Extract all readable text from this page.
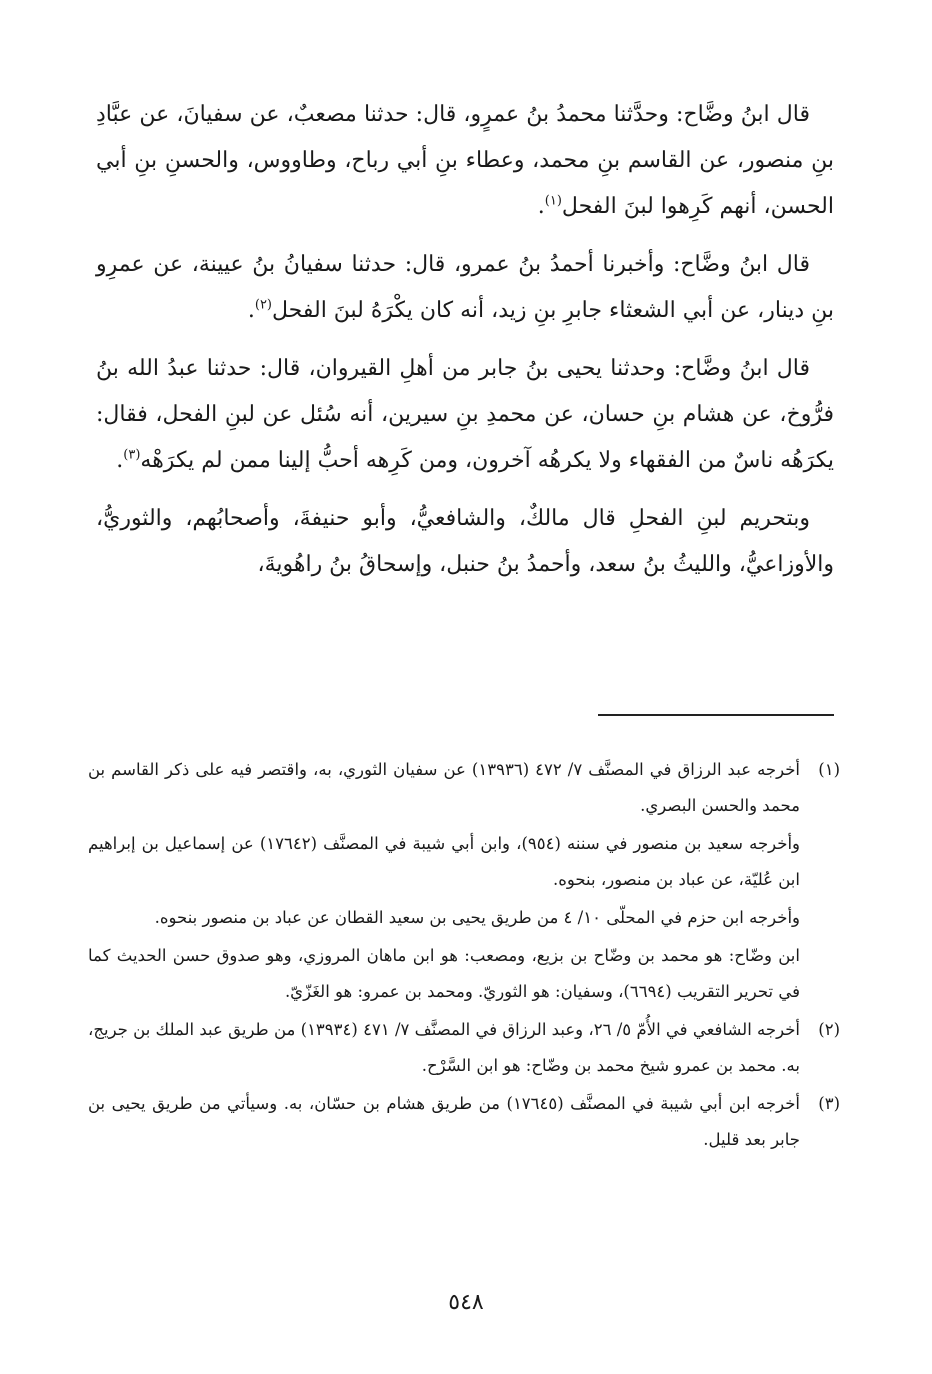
قال ابنُ وضَّاح: وحدَّثنا محمدُ بنُ عمرٍو، قال: حدثنا مصعبٌ، عن سفيانَ، عن عبَّادِ بنِ منصور، عن القاسم بنِ محمد، وعطاء بنِ أبي رباح، وطاووس، والحسنِ بنِ أبي الحسن، أنهم كَرِهوا لبنَ الفحل$^{(١)}$.

قال ابنُ وضَّاح: وأخبرنا أحمدُ بنُ عمرو، قال: حدثنا سفيانُ بنُ عيينة، عن عمرِو بنِ دينار، عن أبي الشعثاء جابرِ بنِ زيد، أنه كان يكْرَهُ لبنَ الفحل$^{(٢)}$.

قال ابنُ وضَّاح: وحدثنا يحيى بنُ جابر من أهلِ القيروان، قال: حدثنا عبدُ الله بنُ فرُّوخ، عن هشام بنِ حسان، عن محمدِ بنِ سيرين، أنه سُئل عن لبنِ الفحل، فقال: يكرَهُه ناسٌ من الفقهاء ولا يكرهُه آخرون، ومن كَرِهه أحبُّ إلينا ممن لم يكرَهْه$^{(٣)}$.

وبتحريم لبنِ الفحلِ قال مالكٌ، والشافعيُّ، وأبو حنيفةَ، وأصحابُهم، والثوريُّ، والأوزاعيُّ، والليثُ بنُ سعد، وأحمدُ بنُ حنبل، وإسحاقُ بنُ راهُويةَ،

(١)
أخرجه عبد الرزاق في المصنَّف ٧/ ٤٧٢ (١٣٩٣٦) عن سفيان الثوري، به، واقتصر فيه على ذكر القاسم بن محمد والحسن البصري.
وأخرجه سعيد بن منصور في سننه (٩٥٤)، وابن أبي شيبة في المصنَّف (١٧٦٤٢) عن إسماعيل بن إبراهيم ابن عُليّة، عن عباد بن منصور، بنحوه.
وأخرجه ابن حزم في المحلّى ١٠/ ٤ من طريق يحيى بن سعيد القطان عن عباد بن منصور بنحوه.
ابن وضّاح: هو محمد بن وضّاح بن بزيع، ومصعب: هو ابن ماهان المروزي، وهو صدوق حسن الحديث كما في تحرير التقريب (٦٦٩٤)، وسفيان: هو الثوريّ. ومحمد بن عمرو: هو الغَزّيّ.
(٢)
أخرجه الشافعي في الأُمّ ٥/ ٢٦، وعبد الرزاق في المصنَّف ٧/ ٤٧١ (١٣٩٣٤) من طريق عبد الملك بن جريج، به. محمد بن عمرو شيخ محمد بن وضّاح: هو ابن السَّرْح.
(٣)
أخرجه ابن أبي شيبة في المصنَّف (١٧٦٤٥) من طريق هشام بن حسّان، به. وسيأتي من طريق يحيى بن جابر بعد قليل.
٥٤٨
